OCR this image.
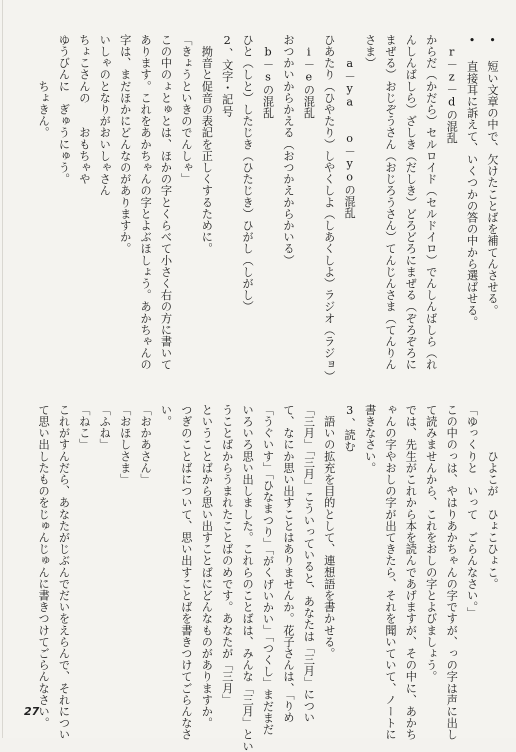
• 短い文章の中で、欠けたことばを補てんさせる。
• 直接耳に訴えて、いくつかの答の中から選ばせる。
　r－z－dの混乱
からだ（かだら）セルロイド（セルドイロ）でんしんばしら（れ
んしんばしら）ざしき（だしき）どろどろにまぜる（ぞろぞろに
まぜる）おじぞうさん（おじろうさん）てんじんさま（てんりん
さま）
　　a－ya　　o－yoの混乱
ひあたり（ひやたり）しやくしよ（しあくしよ）ラジオ（ラジョ）
　i－eの混乱
おつかいからかえる（おつかえからかいる）
　b－sの混乱
ひと（しと）したじき（ひたじき）ひがし（しがし）
2、文字・記号
　拗音と促音の表記を正しくするために。
「きょうといきのでんしゃ」
この中のょとゅとは、ほかの字とくらべて小さく右の方に書いて
あります。これをあかちゃんの字とよぶほしょう。あかちゃんの
字は、まだほかにどんなのがありますか。
いしゃのとなりがおいしゃさん
ちょこさんの　　おもちゃや
ゆうびんに　ぎゅうにゅう。
　　　　ちょきん。
　　　　ひよこが　ひょこひょこ。
「ゆっくりと　いって　ごらんなさい。」
この中のっは、やはりあかちゃんの字ですが、っの字は声に出し
て読みませんから、これをおしの字とよびましょう。
では、先生がこれから本を読んであげますが、その中に、あかち
ゃんの字やおしの字が出てきたら、それを聞いていて、ノートに
書きなさい。
3、読む
　語いの拡充を目的として、連想語を書かせる。
「三月」「三月」こういっていると、あなたは「三月」につい
て、なにか思い出すことはありませんか。花子さんは、「りめ
「うぐいす」「ひなまつり」「がくげいかい」「つくし」まだまだ
いろいろ思い出しました。これらのことばは、みんな「三月」とい
うことばからうまれたことばのめです。あなたが「三月」
ということばから思い出すことばにどんなものがありますか。
つぎのことばについて、思い出すことばを書きつけてごらんなさ
い。
「おかあさん」
「おほしさま」
「ふね」
「ねこ」
これがすんだら、あなたがじぶんでだいをえらんで、それについ
て思い出したものをじゅんじゅんに書きつけてごらんなさい。
27
